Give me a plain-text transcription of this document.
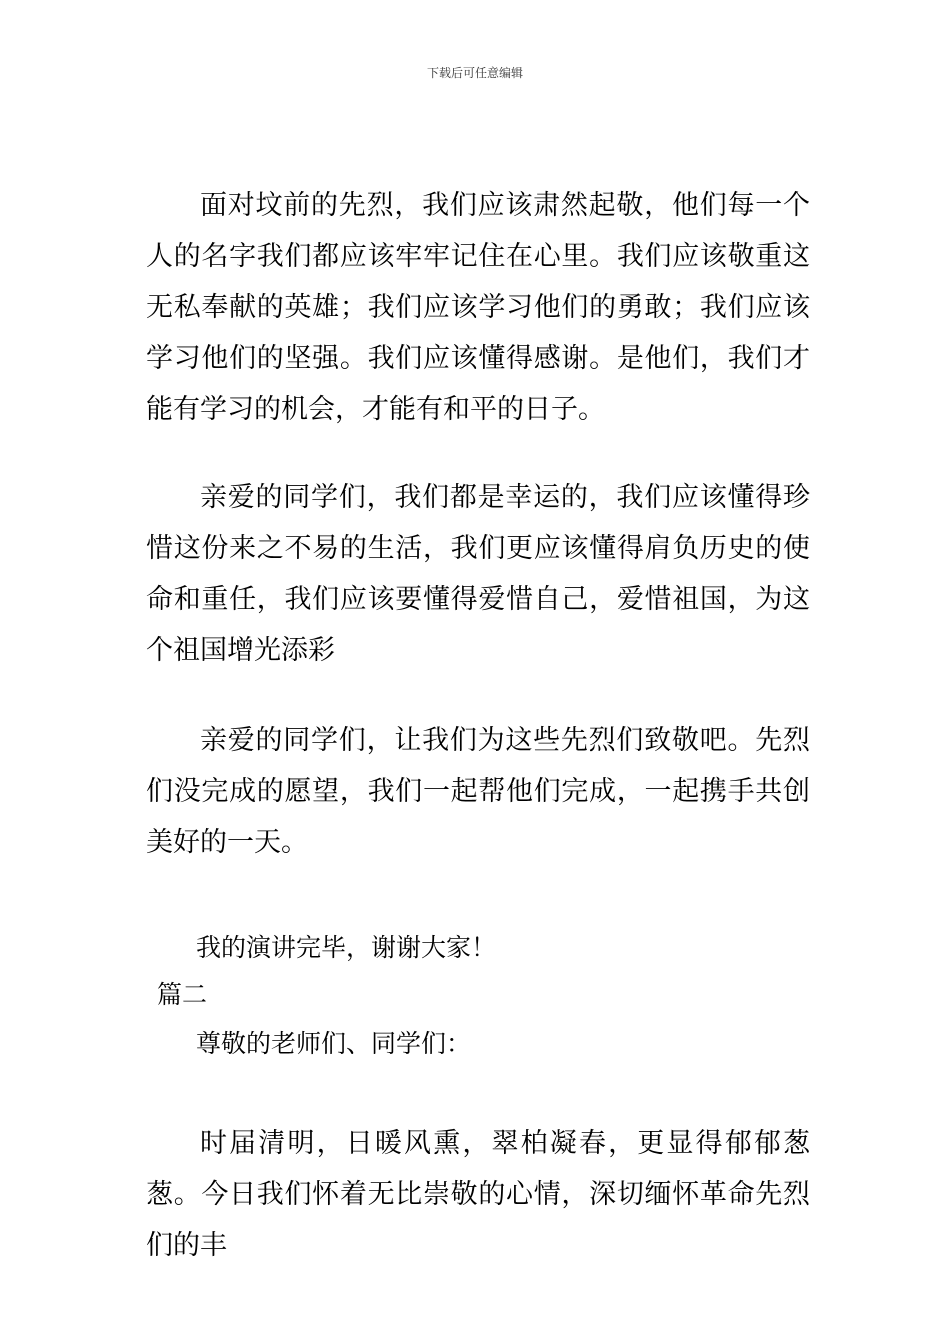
下载后可任意编辑

面对坟前的先烈，我们应该肃然起敬，他们每一个人的名字我们都应该牢牢记住在心里。我们应该敬重这无私奉献的英雄；我们应该学习他们的勇敢；我们应该学习他们的坚强。我们应该懂得感谢。是他们，我们才能有学习的机会，才能有和平的日子。

亲爱的同学们，我们都是幸运的，我们应该懂得珍惜这份来之不易的生活，我们更应该懂得肩负历史的使命和重任，我们应该要懂得爱惜自己，爱惜祖国，为这个祖国增光添彩

亲爱的同学们，让我们为这些先烈们致敬吧。先烈们没完成的愿望，我们一起帮他们完成，一起携手共创美好的一天。

我的演讲完毕，谢谢大家！

篇二

尊敬的老师们、同学们：

时届清明，日暖风熏，翠柏凝春，更显得郁郁葱葱。今日我们怀着无比崇敬的心情，深切缅怀革命先烈们的丰
